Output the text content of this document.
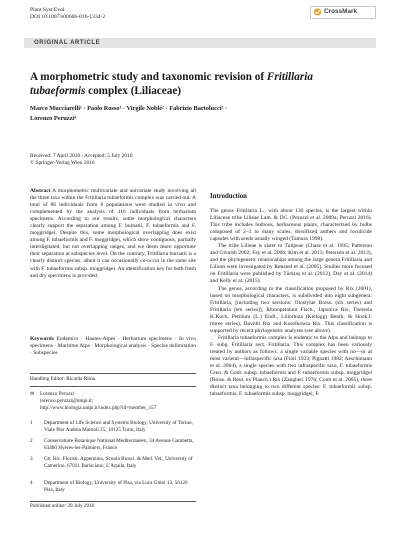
Plant Syst Evol
DOI 10.1007/s00606-016-1334-2
CrossMark
ORIGINAL ARTICLE
A morphometric study and taxonomic revision of Fritillaria tubaeformis complex (Liliaceae)
Marco Mucciarelli¹ · Paolo Rosso¹ · Virgile Noblé² · Fabrizio Bartolucci³ ·
Lorenzo Peruzzi⁴
Received: 7 April 2016 / Accepted: 5 July 2016
© Springer-Verlag Wien 2016
Abstract A morphometric multivariate and univariate study involving all the three taxa within the Fritillaria tubaeformis complex was carried out. A total of 86 individuals from 8 populations were studied in vivo and complemented by the analysis of 116 individuals from herbarium specimens. According to our results, some morphological characters clearly support the separation among F. burnatii, F. tubaeformis and F. moggridgei. Despite this, some morphological overlapping does exist among F. tubaeformis and F. moggridgei, which show contiguous, partially interdigitated, but not overlapping ranges, and we deem more opportune their separation at subspecies level. On the contrary, Fritillaria burnatii is a clearly distinct species, albeit it can occasionally co-occur in the same site with F. tubaeformis subsp. moggridgei. An identification key for both fresh and dry specimens is provided.
Keywords Endemics · Hautes-Alpes · Herbarium specimens · In vivo specimens · Maritime Alps · Morphological analysis · Species delimitation · Subspecies
Handling Editor: Ricarda Riina.
✉ Lorenzo Peruzzi
lorenzo.peruzzi@unipi.it;
http://www.biologia.unipi.it/index.php?id=member_157
1 Department of Life Science and Systems Biology, University of Torino, Viale Pier Andrea Mattioli 25, 10125 Turin, Italy
2 Conservatoire Botanique National Méditerranéen, 34 Avenue Gambetta, 83400 Hyères-les-Palmiers, France
3 Ctr. Ric. Floristi. Appennino, Scuola Biosci. & Med. Vet., University of Camerino, 67021 Barisciano, L'Aquila, Italy
4 Department of Biology, University of Pisa, via Luca Ghini 13, 56126 Pisa, Italy
Published online: 20 July 2016
Introduction

The genus Fritillaria L., with about 130 species, is the largest within Liliaceae tribe Lilieae Lam. & DC. (Peruzzi et al. 2009a; Peruzzi 2016). This tribe includes bulbous, herbaceous plants, characterized by bulbs composed of 2–3 to many scales, dorsifixed anthers and loculicide capsules with seeds usually winged (Tamura 1998).

The tribe Lilieae is sister to Tulipeae (Chase et al. 1995; Patterson and Givnish 2002; Fay et al. 2006; Kim et al. 2013; Petersen et al. 2013), and the phylogenetic relationships among the large genera Fritillaria and Lilium were investigated by Rønsted et al. (2005). Studies more focused on Fritillaria were published by Türktaş et al. (2012), Day et al. (2014) and Kelly et al. (2015).

The genus, according to the classification proposed by Rix (2001), based on morphological characters, is subdivided into eight subgenera: Fritillaria, [including two sections: Olostylae Boiss. (six series) and Fritillaria (ten series)], Rhinopetalum Fisch., Japonica Rix, Theresia K.Koch, Petilium (L.) Endl., Liliorhiza (Kellogg) Benth. & Hook.f. (three series), Davidii Rix and Korolkowia Rix. This classification is supported by recent phylogenetic analyses (see above).

Fritillaria tubaeformis complex is endemic to the Alps and belongs to F. subg. Fritillaria sect. Fritillaria. This complex has been variously treated by authors as follows: a single variable species with no—or at most varietal—infraspecific taxa (Fiori 1923; Pignatti 1982; Aeschimann et al. 2004), a single species with two infraspecific taxa, F. tubaeformis Gren. & Godr. subsp. tubaeformis and F. tubaeformis subsp. moggridgei (Boiss. & Reut. ex Planch.) Rix (Zangheri 1976; Conti et al. 2005), three distinct taxa belonging to two different species: F. tubaeformis subsp. tubaeformis, F. tubaeformis subsp. moggridgei, F.
